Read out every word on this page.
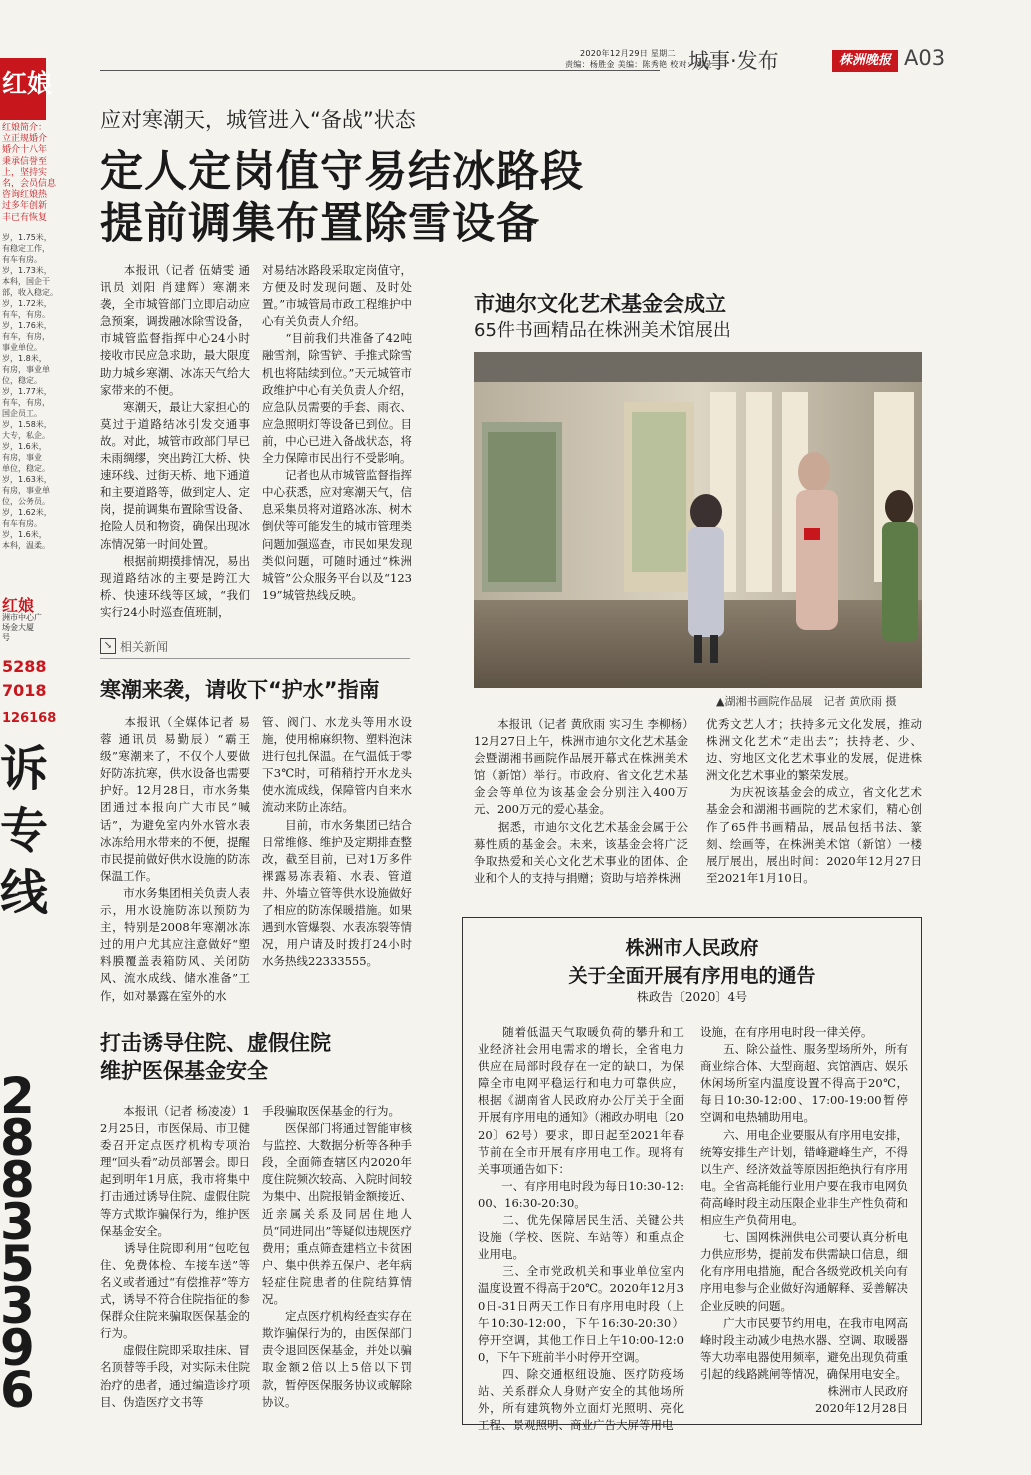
红娘
红娘简介：
立正规婚介
婚介十八年
秉承信誉至
上，坚持实
名，会员信息
咨询红娘热
过多年创新
丰已有恢复
岁，1.75米，
有稳定工作，
有车有房。
岁，1.73米，
本科，国企干
部，收入稳定。
岁，1.72米，
有车，有房。
岁，1.76米，
有车，有房，
事业单位。
岁，1.8米，
有房，事业单
位，稳定。
岁，1.77米，
有车，有房，
国企员工。
岁，1.58米，
大专，私企。
岁，1.6米，
有房，事业
单位，稳定。
岁，1.63米，
有房，事业单
位，公务员。
岁，1.62米，
有车有房。
岁，1.6米，
本科，温柔。
红娘
洲市中心广
场金大厦
号
5288
7018
126168
诉
专
线
2
8
8
3
5
3
9
6
2020年12月29日 星期二
责编：杨胜金 美编：陈秀艳 校对：刘昱
城事·发布	株洲晚报 A03
应对寒潮天，城管进入“备战”状态
定人定岗值守易结冰路段
提前调集布置除雪设备
　　本报讯（记者 伍婧雯 通讯员 刘阳 肖建辉）寒潮来袭，全市城管部门立即启动应急预案，调拨融冰除雪设备，市城管监督指挥中心24小时接收市民应急求助，最大限度助力城乡寒潮、冰冻天气给大家带来的不便。
　　寒潮天，最让大家担心的莫过于道路结冰引发交通事故。对此，城管市政部门早已未雨绸缪，突出跨江大桥、快速环线、过街天桥、地下通道和主要道路等，做到定人、定岗，提前调集布置除雪设备、抢险人员和物资，确保出现冰冻情况第一时间处置。
　　根据前期摸排情况，易出现道路结冰的主要是跨江大桥、快速环线等区域，“我们实行24小时巡查值班制，
对易结冰路段采取定岗值守，方便及时发现问题、及时处置。”市城管局市政工程维护中心有关负责人介绍。
　　“目前我们共准备了42吨融雪剂，除雪铲、手推式除雪机也将陆续到位。”天元城管市政维护中心有关负责人介绍，应急队员需要的手套、雨衣、应急照明灯等设备已到位。目前，中心已进入备战状态，将全力保障市民出行不受影响。
　　记者也从市城管监督指挥中心获悉，应对寒潮天气，信息采集员将对道路冰冻、树木倒伏等可能发生的城市管理类问题加强巡查，市民如果发现类似问题，可随时通过“株洲城管”公众服务平台以及“12319”城管热线反映。
↘ 相关新闻
寒潮来袭，请收下“护水”指南
　　本报讯（全媒体记者 易蓉 通讯员 易勤辰）“霸王级”寒潮来了，不仅个人要做好防冻抗寒，供水设备也需要护好。12月28日，市水务集团通过本报向广大市民“喊话”，为避免室内外水管水表冰冻给用水带来的不便，提醒市民提前做好供水设施的防冻保温工作。
　　市水务集团相关负责人表示，用水设施防冻以预防为主，特别是2008年寒潮冰冻过的用户尤其应注意做好“塑料膜覆盖表箱防风、关闭防风、流水成线、储水准备”工作，如对暴露在室外的水
管、阀门、水龙头等用水设施，使用棉麻织物、塑料泡沫进行包扎保温。在气温低于零下3℃时，可稍稍拧开水龙头使水流成线，保障管内自来水流动来防止冻结。
　　目前，市水务集团已结合日常维修、维护及定期排查整改，截至目前，已对1万多件裸露易冻表箱、水表、管道井、外墙立管等供水设施做好了相应的防冻保暖措施。如果遇到水管爆裂、水表冻裂等情况，用户请及时拨打24小时水务热线22333555。
打击诱导住院、虚假住院
维护医保基金安全
　　本报讯（记者 杨凌凌）12月25日，市医保局、市卫健委召开定点医疗机构专项治理“回头看”动员部署会。即日起到明年1月底，我市将集中打击通过诱导住院、虚假住院等方式欺诈骗保行为，维护医保基金安全。
　　诱导住院即利用“包吃包住、免费体检、车接车送”等名义或者通过“有偿推荐”等方式，诱导不符合住院指征的参保群众住院来骗取医保基金的行为。
　　虚假住院即采取挂床、冒名顶替等手段，对实际未住院治疗的患者，通过编造诊疗项目、伪造医疗文书等
手段骗取医保基金的行为。
　　医保部门将通过智能审核与监控、大数据分析等各种手段，全面筛查辖区内2020年度住院频次较高、入院时间较为集中、出院报销金额接近、近亲属关系及同居住地人员“同进同出”等疑似违规医疗费用；重点筛查建档立卡贫困户、集中供养五保户、老年病轻症住院患者的住院结算情况。
　　定点医疗机构经查实存在欺诈骗保行为的，由医保部门责令退回医保基金，并处以骗取金额2倍以上5倍以下罚款，暂停医保服务协议或解除协议。
市迪尔文化艺术基金会成立
65件书画精品在株洲美术馆展出
▲湖湘书画院作品展　记者 黄欣雨 摄
　　本报讯（记者 黄欣雨 实习生 李柳杨）12月27日上午，株洲市迪尔文化艺术基金会暨湖湘书画院作品展开幕式在株洲美术馆（新馆）举行。市政府、省文化艺术基金会等单位为该基金会分别注入400万元、200万元的爱心基金。
　　据悉，市迪尔文化艺术基金会属于公募性质的基金会。未来，该基金会将广泛争取热爱和关心文化艺术事业的团体、企业和个人的支持与捐赠；资助与培养株洲
优秀文艺人才；扶持多元文化发展，推动株洲文化艺术“走出去”；扶持老、少、边、穷地区文化艺术事业的发展，促进株洲文化艺术事业的繁荣发展。
　　为庆祝该基金会的成立，省文化艺术基金会和湖湘书画院的艺术家们，精心创作了65件书画精品，展品包括书法、篆刻、绘画等，在株洲美术馆（新馆）一楼展厅展出，展出时间：2020年12月27日至2021年1月10日。
株洲市人民政府
关于全面开展有序用电的通告
株政告〔2020〕4号
　　随着低温天气取暖负荷的攀升和工业经济社会用电需求的增长，全省电力供应在局部时段存在一定的缺口，为保障全市电网平稳运行和电力可靠供应，根据《湖南省人民政府办公厅关于全面开展有序用电的通知》（湘政办明电〔2020〕62号）要求，即日起至2021年春节前在全市开展有序用电工作。现将有关事项通告如下：
　　一、有序用电时段为每日10:30-12:00、16:30-20:30。
　　二、优先保障居民生活、关键公共设施（学校、医院、车站等）和重点企业用电。
　　三、全市党政机关和事业单位室内温度设置不得高于20℃。2020年12月30日-31日两天工作日有序用电时段（上午10:30-12:00，下午16:30-20:30）停开空调，其他工作日上午10:00-12:00，下午下班前半小时停开空调。
　　四、除交通枢纽设施、医疗防疫场站、关系群众人身财产安全的其他场所外，所有建筑物外立面灯光照明、亮化工程、景观照明、商业广告大屏等用电
设施，在有序用电时段一律关停。
　　五、除公益性、服务型场所外，所有商业综合体、大型商超、宾馆酒店、娱乐休闲场所室内温度设置不得高于20℃，每日10:30-12:00、17:00-19:00暂停空调和电热辅助用电。
　　六、用电企业要服从有序用电安排，统筹安排生产计划，错峰避峰生产，不得以生产、经济效益等原因拒绝执行有序用电。全省高耗能行业用户要在我市电网负荷高峰时段主动压限企业非生产性负荷和相应生产负荷用电。
　　七、国网株洲供电公司要认真分析电力供应形势，提前发布供需缺口信息，细化有序用电措施，配合各级党政机关向有序用电参与企业做好沟通解释、妥善解决企业反映的问题。
　　广大市民要节约用电，在我市电网高峰时段主动减少电热水器、空调、取暖器等大功率电器使用频率，避免出现负荷重引起的线路跳闸等情况，确保用电安全。
株洲市人民政府
2020年12月28日
